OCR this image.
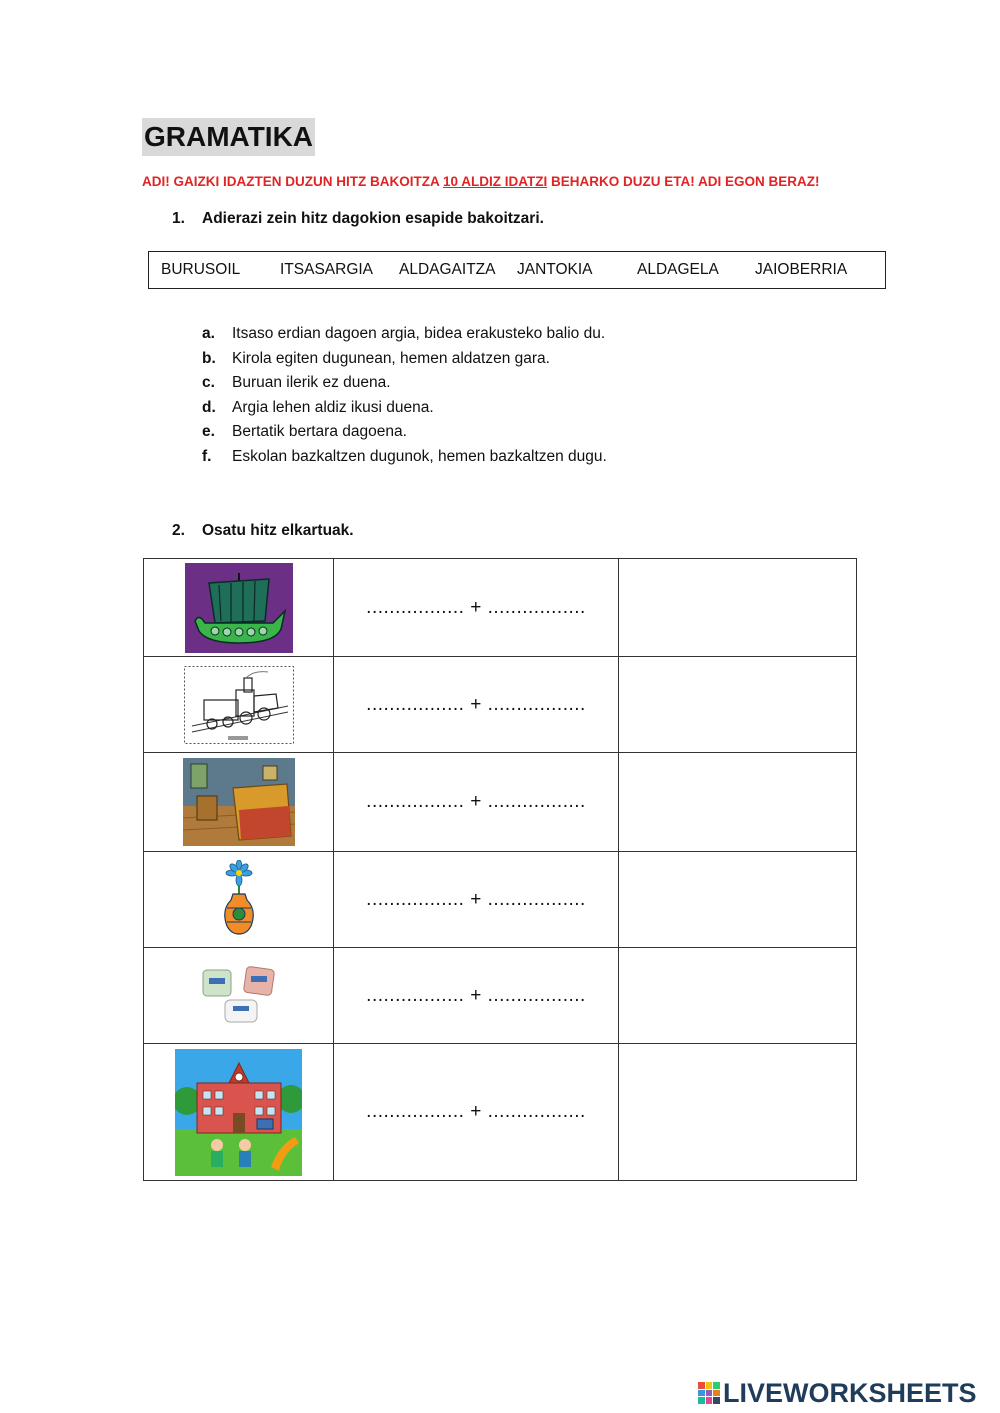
GRAMATIKA
ADI! GAIZKI IDAZTEN DUZUN HITZ BAKOITZA 10 ALDIZ IDATZI BEHARKO DUZU ETA! ADI EGON BERAZ!
1. Adierazi zein hitz dagokion esapide bakoitzari.
BURUSOIL	ITSASARGIA ALDAGAITZA JANTOKIA	ALDAGELA JAIOBERRIA
a. Itsaso erdian dagoen argia, bidea erakusteko balio du.
b. Kirola egiten dugunean, hemen aldatzen gara.
c. Buruan ilerik ez duena.
d. Argia lehen aldiz ikusi duena.
e. Bertatik bertara dagoena.
f. Eskolan bazkaltzen dugunok, hemen bazkaltzen dugu.
2. Osatu hitz elkartuak.
	................. + .................	
	................. + .................	
	................. + .................	
	................. + .................	
	................. + .................	
	................. + .................	
LIVEWORKSHEETS
